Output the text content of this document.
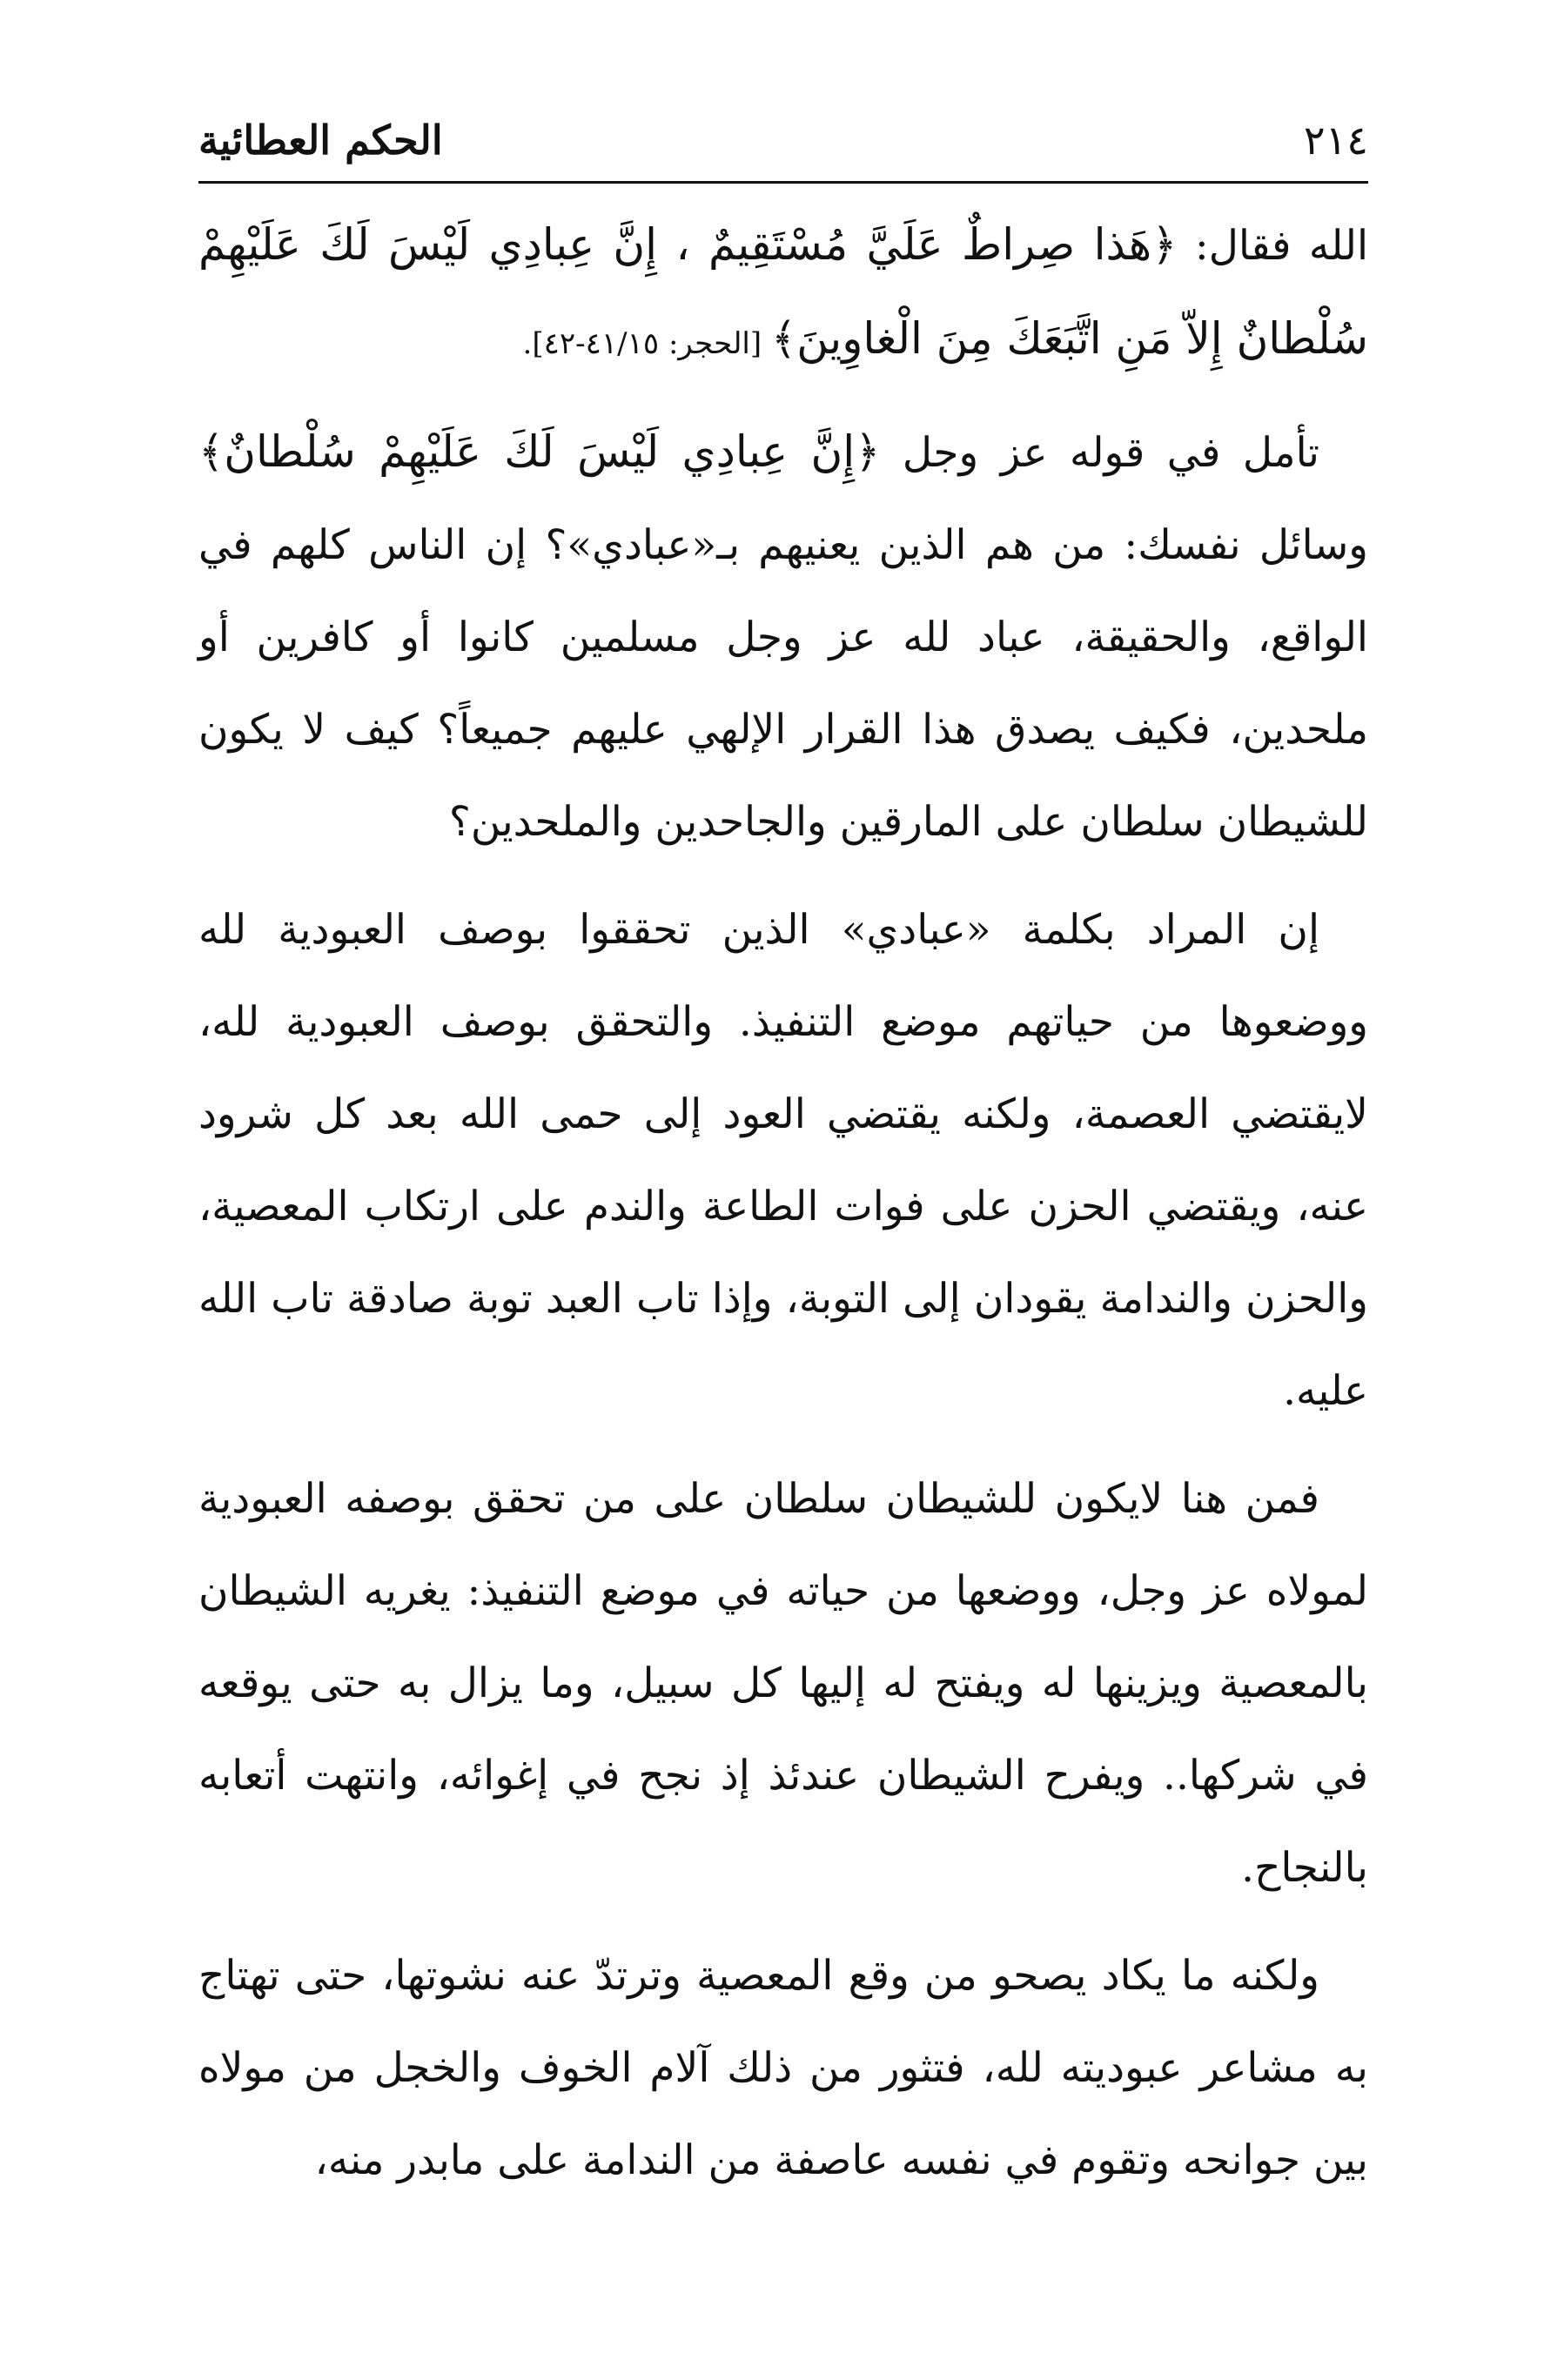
٢١٤
الحكم العطائية

الله فقال: ﴿هَذا صِراطٌ عَلَيَّ مُسْتَقِيمٌ ، إِنَّ عِبادِي لَيْسَ لَكَ عَلَيْهِمْ سُلْطانٌ إِلاّ مَنِ اتَّبَعَكَ مِنَ الْغاوِينَ﴾ [الحجر: ٤١/١٥-٤٢].

تأمل في قوله عز وجل ﴿إِنَّ عِبادِي لَيْسَ لَكَ عَلَيْهِمْ سُلْطانٌ﴾ وسائل نفسك: من هم الذين يعنيهم بـ«عبادي»؟ إن الناس كلهم في الواقع، والحقيقة، عباد لله عز وجل مسلمين كانوا أو كافرين أو ملحدين، فكيف يصدق هذا القرار الإلهي عليهم جميعاً؟ كيف لا يكون للشيطان سلطان على المارقين والجاحدين والملحدين؟

إن المراد بكلمة «عبادي» الذين تحققوا بوصف العبودية لله ووضعوها من حياتهم موضع التنفيذ. والتحقق بوصف العبودية لله، لايقتضي العصمة، ولكنه يقتضي العود إلى حمى الله بعد كل شرود عنه، ويقتضي الحزن على فوات الطاعة والندم على ارتكاب المعصية، والحزن والندامة يقودان إلى التوبة، وإذا تاب العبد توبة صادقة تاب الله عليه.

فمن هنا لايكون للشيطان سلطان على من تحقق بوصفه العبودية لمولاه عز وجل، ووضعها من حياته في موضع التنفيذ: يغريه الشيطان بالمعصية ويزينها له ويفتح له إليها كل سبيل، وما يزال به حتى يوقعه في شركها.. ويفرح الشيطان عندئذ إذ نجح في إغوائه، وانتهت أتعابه بالنجاح.

ولكنه ما يكاد يصحو من وقع المعصية وترتدّ عنه نشوتها، حتى تهتاج به مشاعر عبوديته لله، فتثور من ذلك آلام الخوف والخجل من مولاه بين جوانحه وتقوم في نفسه عاصفة من الندامة على مابدر منه،
